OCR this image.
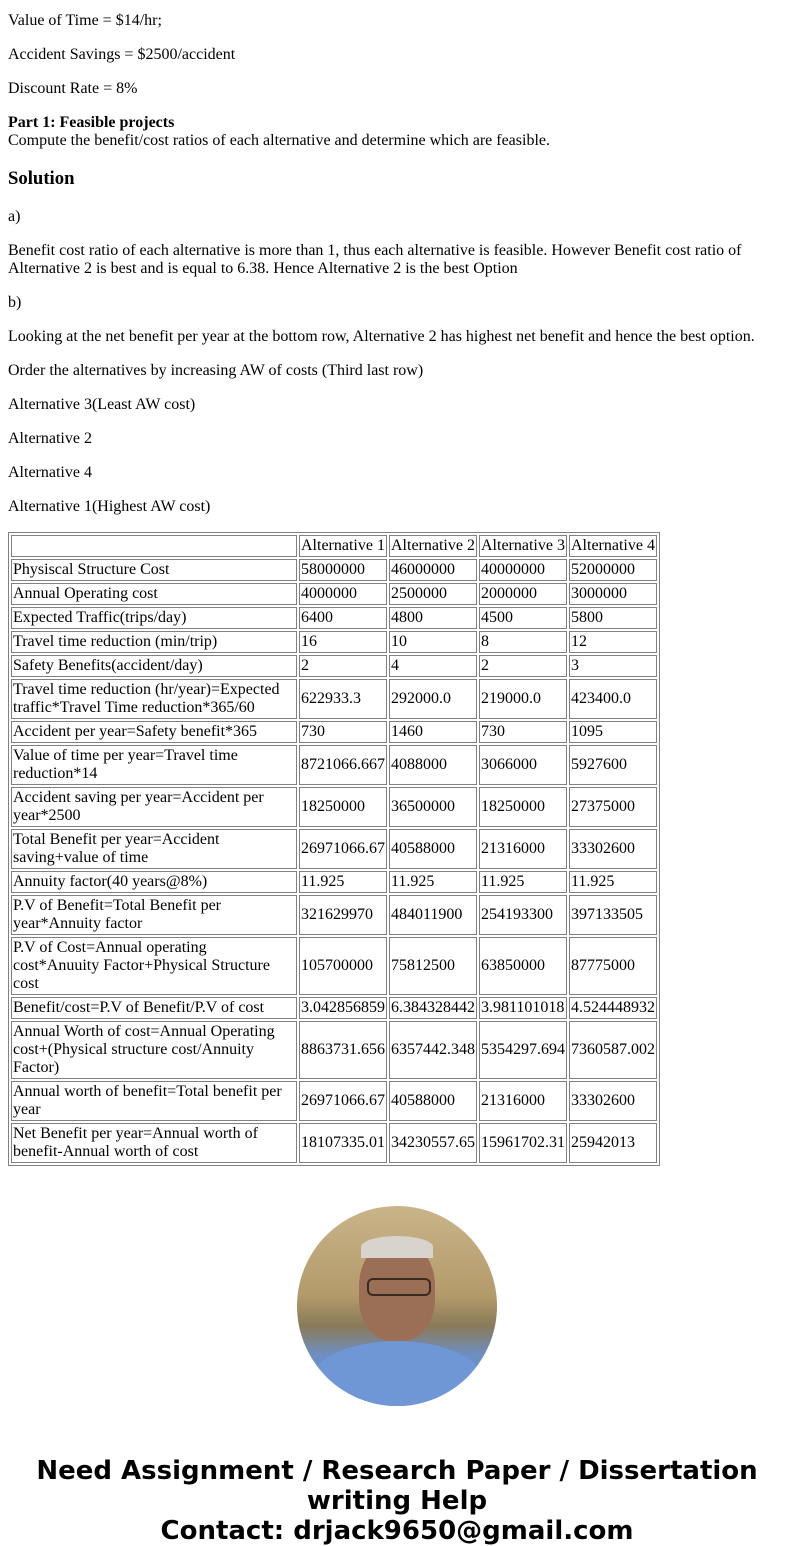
Value of Time = $14/hr;

Accident Savings = $2500/accident

Discount Rate = 8%

Part 1: Feasible projects
Compute the benefit/cost ratios of each alternative and determine which are feasible.

Solution

a)

Benefit cost ratio of each alternative is more than 1, thus each alternative is feasible. However Benefit cost ratio of Alternative 2 is best and is equal to 6.38. Hence Alternative 2 is the best Option

b)

Looking at the net benefit per year at the bottom row, Alternative 2 has highest net benefit and hence the best option.

Order the alternatives by increasing AW of costs (Third last row)

Alternative 3(Least AW cost)

Alternative 2

Alternative 4

Alternative 1(Highest AW cost)

	Alternative 1	Alternative 2	Alternative 3	Alternative 4
Physiscal Structure Cost	58000000	46000000	40000000	52000000
Annual Operating cost	4000000	2500000	2000000	3000000
Expected Traffic(trips/day)	6400	4800	4500	5800
Travel time reduction (min/trip)	16	10	8	12
Safety Benefits(accident/day)	2	4	2	3
Travel time reduction (hr/year)=Expected traffic*Travel Time reduction*365/60	622933.3	292000.0	219000.0	423400.0
Accident per year=Safety benefit*365	730	1460	730	1095
Value of time per year=Travel time reduction*14	8721066.667	4088000	3066000	5927600
Accident saving per year=Accident per year*2500	18250000	36500000	18250000	27375000
Total Benefit per year=Accident saving+value of time	26971066.67	40588000	21316000	33302600
Annuity factor(40 years@8%)	11.925	11.925	11.925	11.925
P.V of Benefit=Total Benefit per year*Annuity factor	321629970	484011900	254193300	397133505
P.V of Cost=Annual operating cost*Anuuity Factor+Physical Structure cost	105700000	75812500	63850000	87775000
Benefit/cost=P.V of Benefit/P.V of cost	3.042856859	6.384328442	3.981101018	4.524448932
Annual Worth of cost=Annual Operating cost+(Physical structure cost/Annuity Factor)	8863731.656	6357442.348	5354297.694	7360587.002
Annual worth of benefit=Total benefit per year	26971066.67	40588000	21316000	33302600
Net Benefit per year=Annual worth of benefit-Annual worth of cost	18107335.01	34230557.65	15961702.31	25942013
Need Assignment / Research Paper / Dissertation writing Help
Contact: drjack9650@gmail.com
